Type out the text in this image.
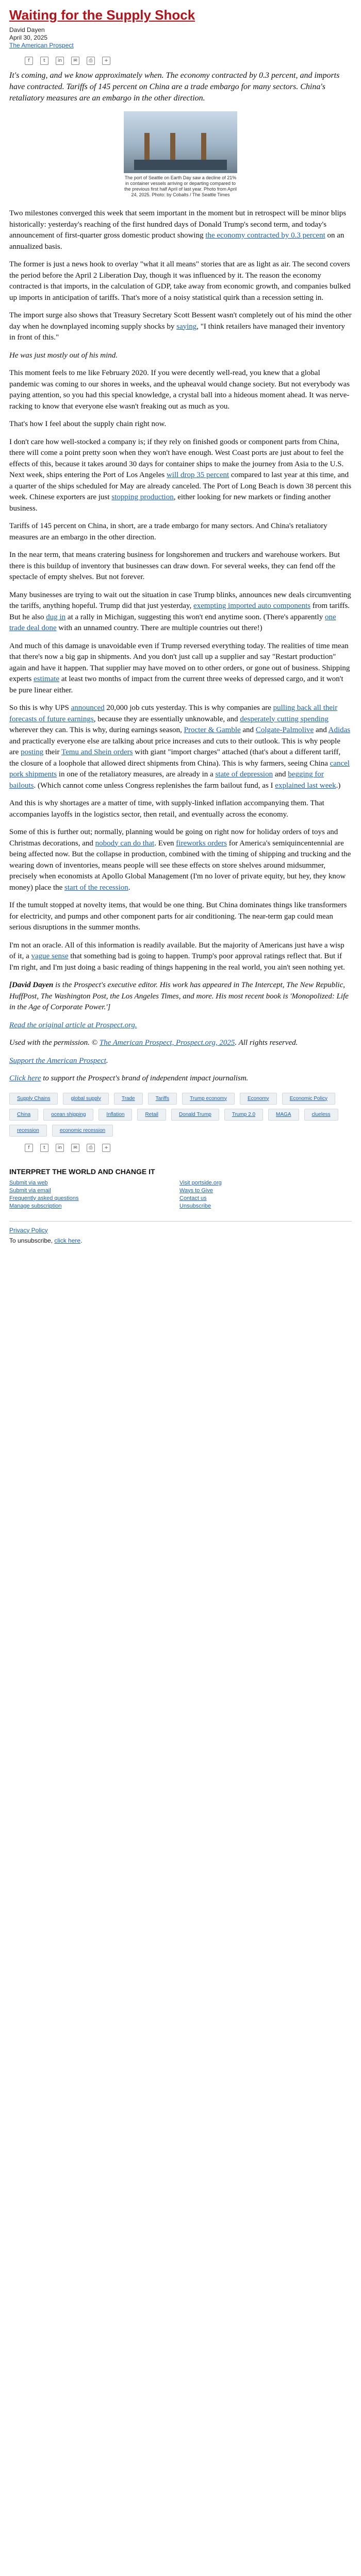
Waiting for the Supply Shock
David Dayen
April 30, 2025
The American Prospect
f	t	in	✉	⎙	+
It's coming, and we know approximately when. The economy contracted by 0.3 percent, and imports have contracted. Tariffs of 145 percent on China are a trade embargo for many sectors. China's retaliatory measures are an embargo in the other direction.
The port of Seattle on Earth Day saw a decline of 21% in container vessels arriving or departing compared to the previous first half April of last year. Photo from April 24, 2025. Photo: by Cobalts / The Seattle Times

Two milestones converged this week that seem important in the moment but in retrospect will be minor blips historically: yesterday's reaching of the first hundred days of Donald Trump's second term, and today's announcement of first-quarter gross domestic product showing the economy contracted by 0.3 percent on an annualized basis.

The former is just a news hook to overlay "what it all means" stories that are as light as air. The second covers the period before the April 2 Liberation Day, though it was influenced by it. The reason the economy contracted is that imports, in the calculation of GDP, take away from economic growth, and companies bulked up imports in anticipation of tariffs. That's more of a noisy statistical quirk than a recession setting in.

The import surge also shows that Treasury Secretary Scott Bessent wasn't completely out of his mind the other day when he downplayed incoming supply shocks by saying, "I think retailers have managed their inventory in front of this."

He was just mostly out of his mind.

This moment feels to me like February 2020. If you were decently well-read, you knew that a global pandemic was coming to our shores in weeks, and the upheaval would change society. But not everybody was paying attention, so you had this special knowledge, a crystal ball into a hideous moment ahead. It was nerve-racking to know that everyone else wasn't freaking out as much as you.

That's how I feel about the supply chain right now.

I don't care how well-stocked a company is; if they rely on finished goods or component parts from China, there will come a point pretty soon when they won't have enough. West Coast ports are just about to feel the effects of this, because it takes around 30 days for container ships to make the journey from Asia to the U.S. Next week, ships entering the Port of Los Angeles will drop 35 percent compared to last year at this time, and a quarter of the ships scheduled for May are already canceled. The Port of Long Beach is down 38 percent this week. Chinese exporters are just stopping production, either looking for new markets or finding another business.

Tariffs of 145 percent on China, in short, are a trade embargo for many sectors. And China's retaliatory measures are an embargo in the other direction.

In the near term, that means cratering business for longshoremen and truckers and warehouse workers. But there is this buildup of inventory that businesses can draw down. For several weeks, they can fend off the spectacle of empty shelves. But not forever.

Many businesses are trying to wait out the situation in case Trump blinks, announces new deals circumventing the tariffs, anything hopeful. Trump did that just yesterday, exempting imported auto components from tariffs. But he also dug in at a rally in Michigan, suggesting this won't end anytime soon. (There's apparently one trade deal done with an unnamed country. There are multiple countries out there!)

And much of this damage is unavoidable even if Trump reversed everything today. The realities of time mean that there's now a big gap in shipments. And you don't just call up a supplier and say "Restart production" again and have it happen. That supplier may have moved on to other orders, or gone out of business. Shipping experts estimate at least two months of impact from the current three weeks of depressed cargo, and it won't be pure linear either.

So this is why UPS announced 20,000 job cuts yesterday. This is why companies are pulling back all their forecasts of future earnings, because they are essentially unknowable, and desperately cutting spending wherever they can. This is why, during earnings season, Procter & Gamble and Colgate-Palmolive and Adidas and practically everyone else are talking about price increases and cuts to their outlook. This is why people are posting their Temu and Shein orders with giant "import charges" attached (that's about a different tariff, the closure of a loophole that allowed direct shipments from China). This is why farmers, seeing China cancel pork shipments in one of the retaliatory measures, are already in a state of depression and begging for bailouts. (Which cannot come unless Congress replenishes the farm bailout fund, as I explained last week.)

And this is why shortages are a matter of time, with supply-linked inflation accompanying them. That accompanies layoffs in the logistics sector, then retail, and eventually across the economy.

Some of this is further out; normally, planning would be going on right now for holiday orders of toys and Christmas decorations, and nobody can do that. Even fireworks orders for America's semiquincentennial are being affected now. But the collapse in production, combined with the timing of shipping and trucking and the wearing down of inventories, means people will see these effects on store shelves around midsummer, precisely when economists at Apollo Global Management (I'm no lover of private equity, but hey, they know money) place the start of the recession.

If the tumult stopped at novelty items, that would be one thing. But China dominates things like transformers for electricity, and pumps and other component parts for air conditioning. The near-term gap could mean serious disruptions in the summer months.

I'm not an oracle. All of this information is readily available. But the majority of Americans just have a wisp of it, a vague sense that something bad is going to happen. Trump's poor approval ratings reflect that. But if I'm right, and I'm just doing a basic reading of things happening in the real world, you ain't seen nothing yet.

[David Dayen is the Prospect's executive editor. His work has appeared in The Intercept, The New Republic, HuffPost, The Washington Post, the Los Angeles Times, and more. His most recent book is 'Monopolized: Life in the Age of Corporate Power.']

Read the original article at Prospect.org.

Used with the permission. © The American Prospect, Prospect.org, 2025. All rights reserved.

Support the American Prospect.

Click here to support the Prospect's brand of independent impact journalism.

Supply Chains	global supply	Trade	Tariffs	Trump economy	Economy	Economic Policy
China	ocean shipping	Inflation	Retail	Donald Trump	Trump 2.0	MAGA	clueless
recession	economic recession
f	t	in	✉	⎙	+
INTERPRET THE WORLD AND CHANGE IT
Submit via web	Visit portside.org
Submit via email	Ways to Give
Frequently asked questions	Contact us
Manage subscription	Unsubscribe

Privacy Policy

To unsubscribe, click here.
